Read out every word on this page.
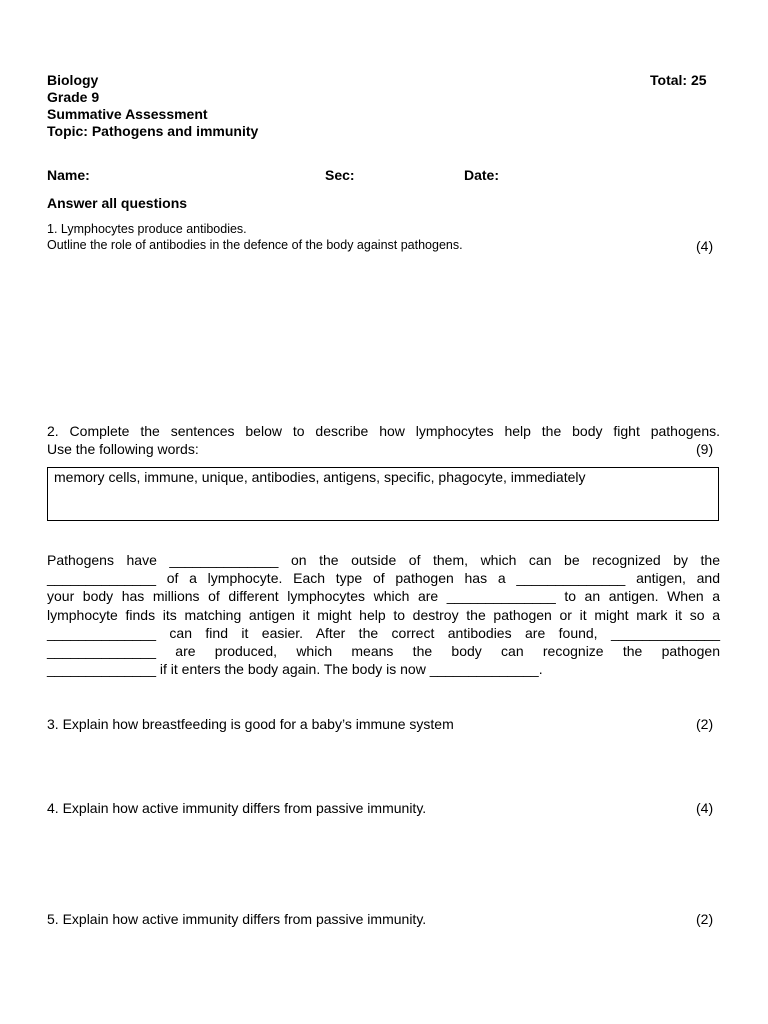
Biology
Grade 9
Summative Assessment
Topic: Pathogens and immunity
Total: 25
Name:	Sec:	Date:
Answer all questions
1. Lymphocytes produce antibodies.
Outline the role of antibodies in the defence of the body against pathogens.	(4)
2. Complete the sentences below to describe how lymphocytes help the body fight pathogens.
Use the following words:	(9)
memory cells, immune, unique, antibodies, antigens, specific, phagocyte, immediately
Pathogens have ______________ on the outside of them, which can be recognized by the
______________ of a lymphocyte. Each type of pathogen has a ______________ antigen, and
your body has millions of different lymphocytes which are ______________ to an antigen. When a
lymphocyte finds its matching antigen it might help to destroy the pathogen or it might mark it so a
______________ can find it easier. After the correct antibodies are found, ______________
______________ are produced, which means the body can recognize the pathogen
______________ if it enters the body again. The body is now ______________.
3. Explain how breastfeeding is good for a baby’s immune system	(2)
4. Explain how active immunity differs from passive immunity.	(4)
5. Explain how active immunity differs from passive immunity.	(2)
